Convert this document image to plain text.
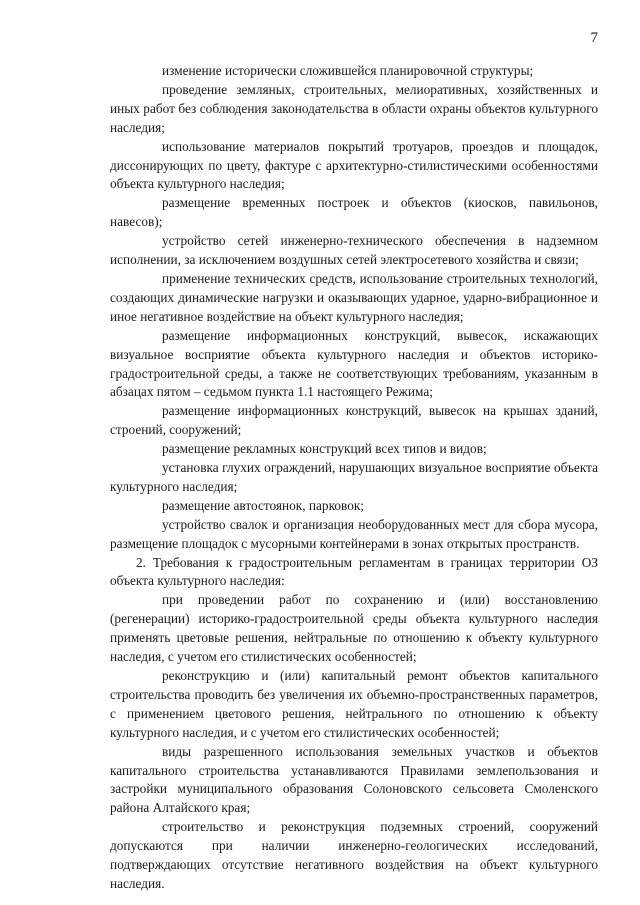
7

изменение исторически сложившейся планировочной структуры;

проведение земляных, строительных, мелиоративных, хозяйственных и иных работ без соблюдения законодательства в области охраны объектов культурного наследия;

использование материалов покрытий тротуаров, проездов и площадок, диссонирующих по цвету, фактуре с архитектурно-стилистическими особенностями объекта культурного наследия;

размещение временных построек и объектов (киосков, павильонов, навесов);

устройство сетей инженерно-технического обеспечения в надземном исполнении, за исключением воздушных сетей электросетевого хозяйства и связи;

применение технических средств, использование строительных технологий, создающих динамические нагрузки и оказывающих ударное, ударно-вибрационное и иное негативное воздействие на объект культурного наследия;

размещение информационных конструкций, вывесок, искажающих визуальное восприятие объекта культурного наследия и объектов историко-градостроительной среды, а также не соответствующих требованиям, указанным в абзацах пятом – седьмом пункта 1.1 настоящего Режима;

размещение информационных конструкций, вывесок на крышах зданий, строений, сооружений;

размещение рекламных конструкций всех типов и видов;

установка глухих ограждений, нарушающих визуальное восприятие объекта культурного наследия;

размещение автостоянок, парковок;

устройство свалок и организация необорудованных мест для сбора мусора, размещение площадок с мусорными контейнерами в зонах открытых пространств.

2. Требования к градостроительным регламентам в границах территории ОЗ объекта культурного наследия:

при проведении работ по сохранению и (или) восстановлению (регенерации) историко-градостроительной среды объекта культурного наследия применять цветовые решения, нейтральные по отношению к объекту культурного наследия, с учетом его стилистических особенностей;

реконструкцию и (или) капитальный ремонт объектов капитального строительства проводить без увеличения их объемно-пространственных параметров, с применением цветового решения, нейтрального по отношению к объекту культурного наследия, и с учетом его стилистических особенностей;

виды разрешенного использования земельных участков и объектов капитального строительства устанавливаются Правилами землепользования и застройки муниципального образования Солоновского сельсовета Смоленского района Алтайского края;

строительство и реконструкция подземных строений, сооружений допускаются при наличии инженерно-геологических исследований, подтверждающих отсутствие негативного воздействия на объект культурного наследия.
